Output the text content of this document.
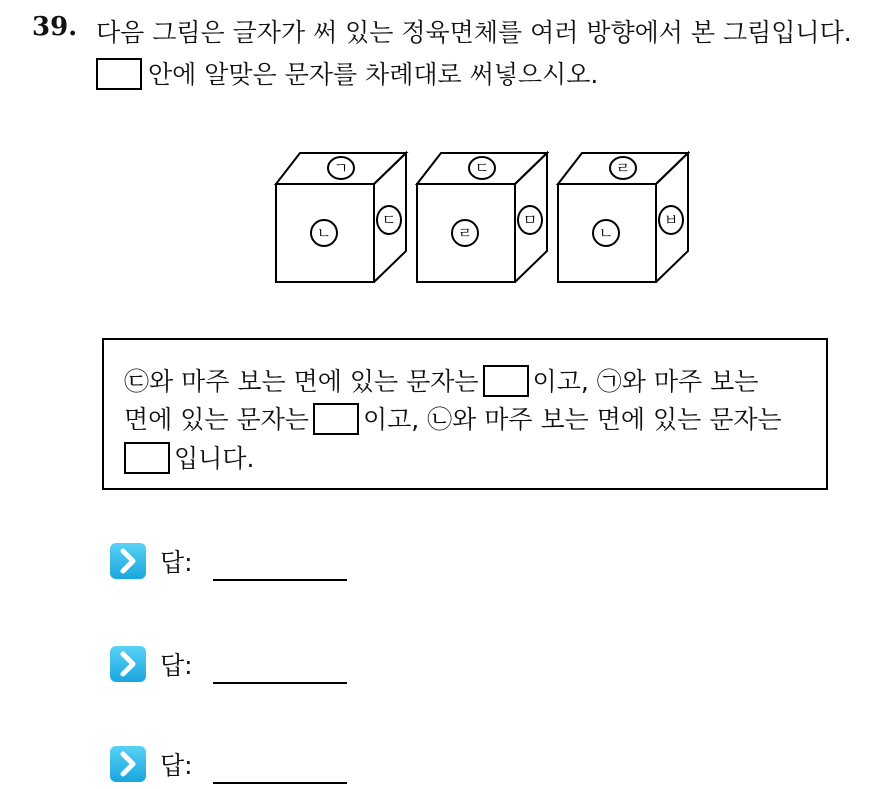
39. 다음 그림은 글자가 써 있는 정육면체를 여러 방향에서 본 그림입니다.
안에 알맞은 문자를 차례대로 써넣으시오.
ㄱ
ㄴ
ㄷ
ㄷ
ㄹ
ㅁ
ㄹ
ㄴ
ㅂ
㉢와 마주 보는 면에 있는 문자는 이고, ㉠와 마주 보는
면에 있는 문자는 이고, ㉡와 마주 보는 면에 있는 문자는
입니다.
답:
답:
답:
